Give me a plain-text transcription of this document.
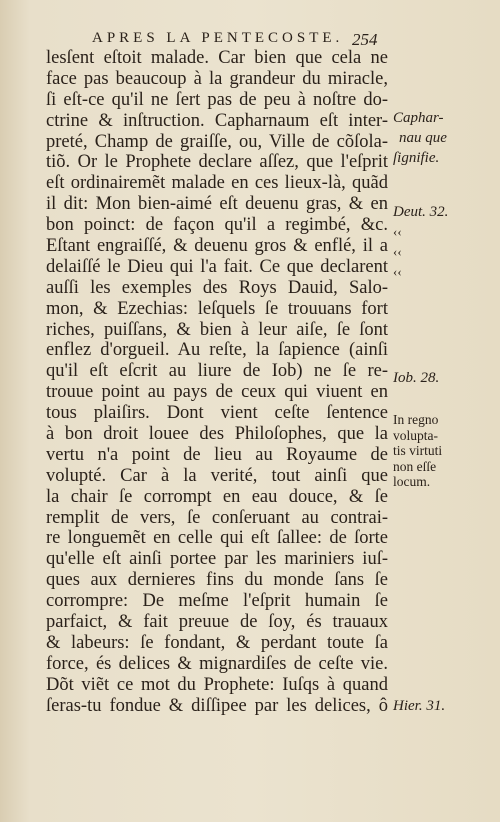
APRES LA PENTECOSTE. 254
lesſent eſtoit malade. Car bien que cela ne
face pas beaucoup à la grandeur du miracle,
ſi eſt-ce qu'il ne ſert pas de peu à noſtre do-
ctrine & inſtruction. Capharnaum eſt inter-
preté, Champ de graiſſe, ou, Ville de cõſola-
tiõ. Or le Prophete declare aſſez, que l'eſprit
eſt ordinairemẽt malade en ces lieux-là, quãd
il dit: Mon bien-aimé eſt deuenu gras, & en
bon poinct: de façon qu'il a regimbé, &c.
Eſtant engraiſſé, & deuenu gros & enflé, il a
delaiſſé le Dieu qui l'a fait. Ce que declarent
auſſi les exemples des Roys Dauid, Salo-
mon, & Ezechias: leſquels ſe trouuans fort
riches, puiſſans, & bien à leur aiſe, ſe ſont
enflez d'orgueil. Au reſte, la ſapience (ainſi
qu'il eſt eſcrit au liure de Iob) ne ſe re-
trouue point au pays de ceux qui viuent en
tous plaiſirs. Dont vient ceſte ſentence
à bon droit louee des Philoſophes, que la
vertu n'a point de lieu au Royaume de
volupté. Car à la verité, tout ainſi que
la chair ſe corrompt en eau douce, & ſe
remplit de vers, ſe conſeruant au contrai-
re longuemẽt en celle qui eſt ſallee: de ſorte
qu'elle eſt ainſi portee par les mariniers iuſ-
ques aux dernieres fins du monde ſans ſe
corrompre: De meſme l'eſprit humain ſe
parfaict, & fait preuue de ſoy, és trauaux
& labeurs: ſe fondant, & perdant toute ſa
force, és delices & mignardiſes de ceſte vie.
Dõt viẽt ce mot du Prophete: Iuſqs à quand
ſeras-tu fondue & diſſipee par les delices, ô
Caphar-
nau que
ſignifie.
Deut. 32.
‹‹
‹‹
‹‹
Iob. 28.
In regno
volupta-
tis virtuti
non eſſe
locum.
Hier. 31.
